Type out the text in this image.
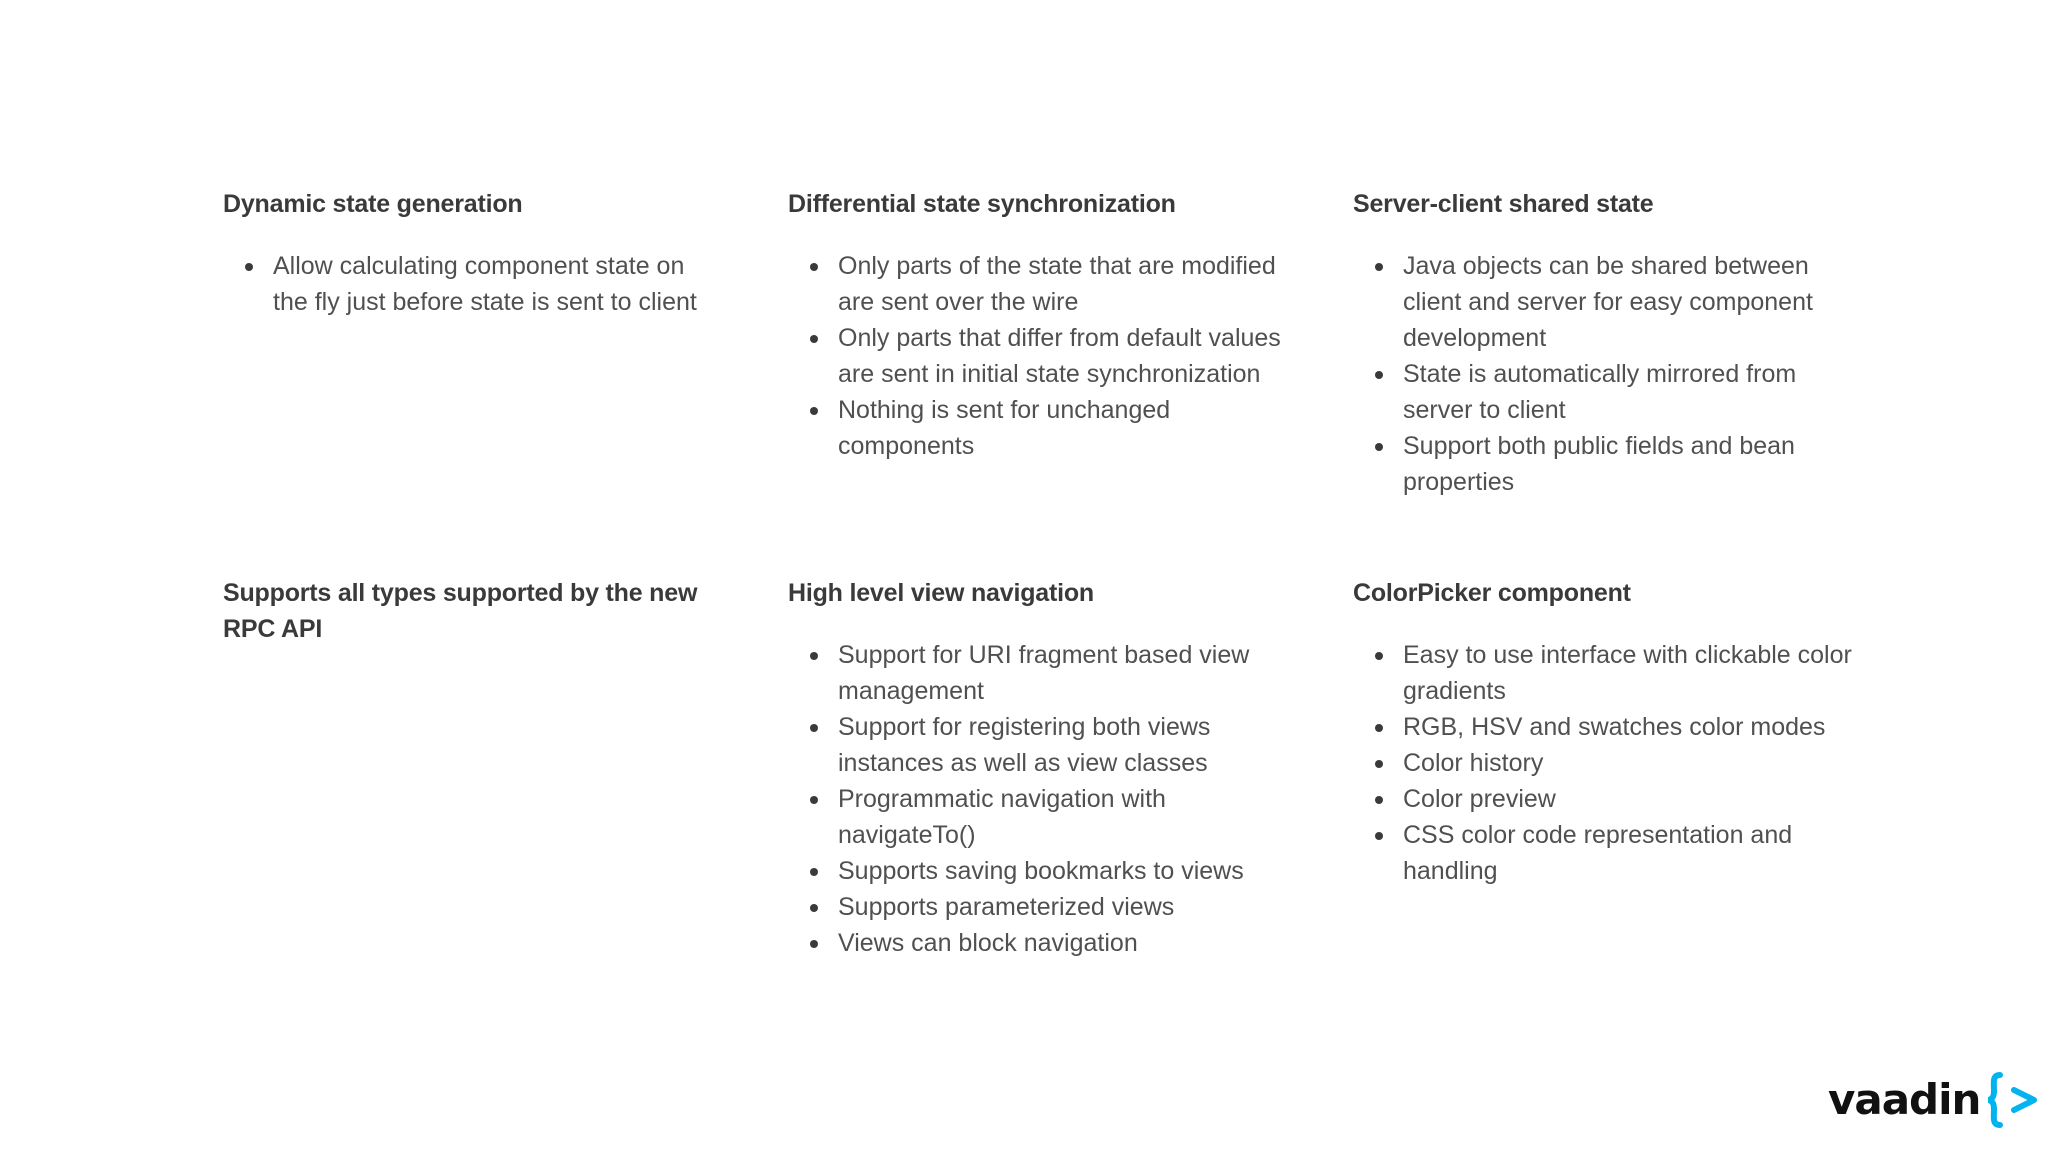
Dynamic state generation
Allow calculating component state on the fly just before state is sent to client
Differential state synchronization
Only parts of the state that are modified are sent over the wire
Only parts that differ from default values are sent in initial state synchronization
Nothing is sent for unchanged components
Server-client shared state
Java objects can be shared between client and server for easy component development
State is automatically mirrored from server to client
Support both public fields and bean properties
Supports all types supported by the new RPC API
High level view navigation
Support for URI fragment based view management
Support for registering both views instances as well as view classes
Programmatic navigation with navigateTo()
Supports saving bookmarks to views
Supports parameterized views
Views can block navigation
ColorPicker component
Easy to use interface with clickable color gradients
RGB, HSV and swatches color modes
Color history
Color preview
CSS color code representation and handling
vaadin
